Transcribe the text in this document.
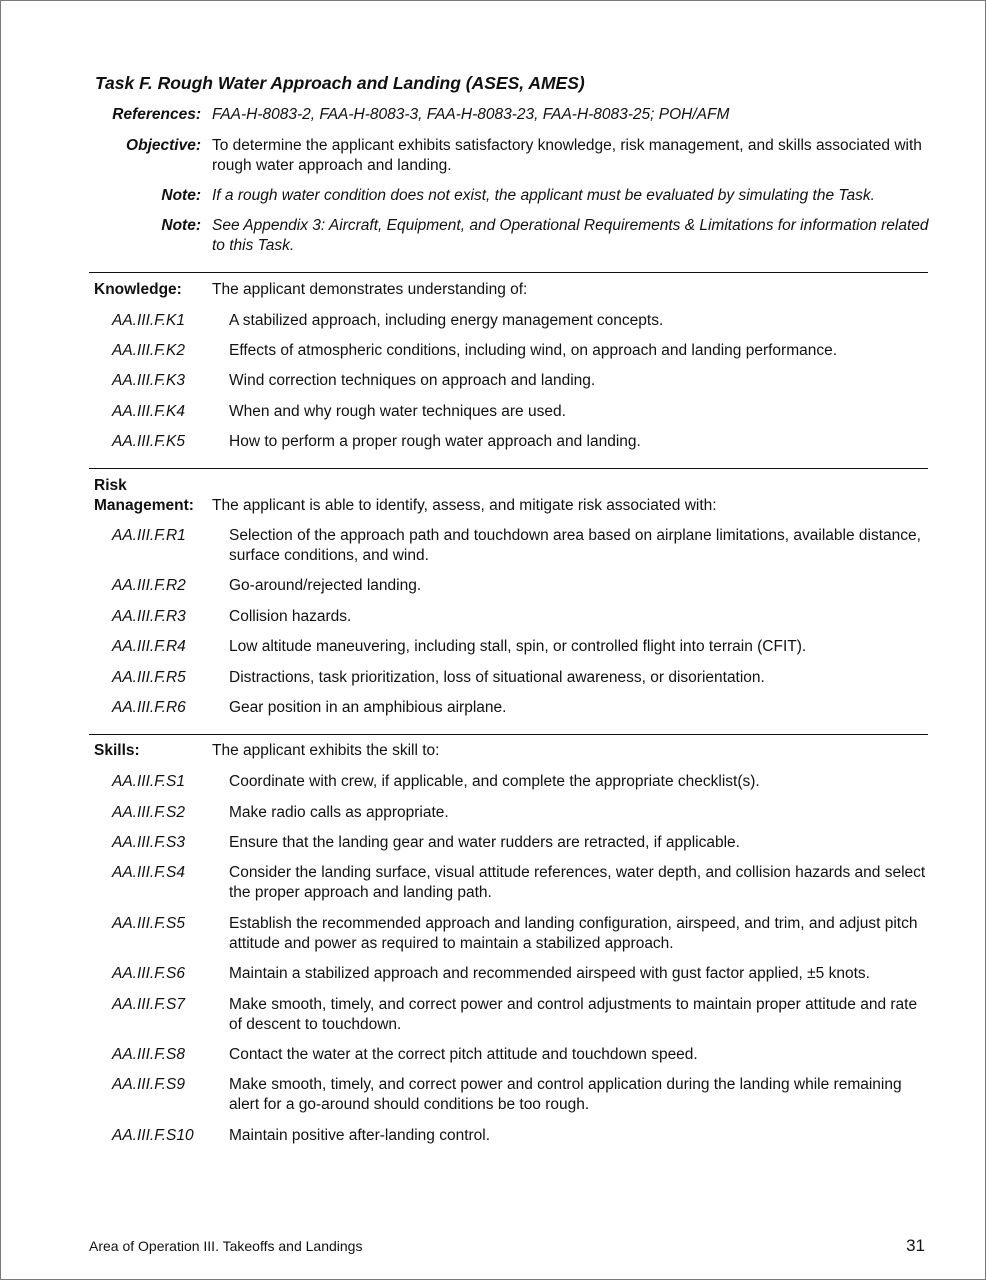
Task F. Rough Water Approach and Landing (ASES, AMES)
References: FAA-H-8083-2, FAA-H-8083-3, FAA-H-8083-23, FAA-H-8083-25; POH/AFM
Objective: To determine the applicant exhibits satisfactory knowledge, risk management, and skills associated with rough water approach and landing.
Note: If a rough water condition does not exist, the applicant must be evaluated by simulating the Task.
Note: See Appendix 3: Aircraft, Equipment, and Operational Requirements & Limitations for information related to this Task.
Knowledge: The applicant demonstrates understanding of:
AA.III.F.K1	A stabilized approach, including energy management concepts.
AA.III.F.K2	Effects of atmospheric conditions, including wind, on approach and landing performance.
AA.III.F.K3	Wind correction techniques on approach and landing.
AA.III.F.K4	When and why rough water techniques are used.
AA.III.F.K5	How to perform a proper rough water approach and landing.
Risk
Management: The applicant is able to identify, assess, and mitigate risk associated with:
AA.III.F.R1	Selection of the approach path and touchdown area based on airplane limitations, available distance, surface conditions, and wind.
AA.III.F.R2	Go-around/rejected landing.
AA.III.F.R3	Collision hazards.
AA.III.F.R4	Low altitude maneuvering, including stall, spin, or controlled flight into terrain (CFIT).
AA.III.F.R5	Distractions, task prioritization, loss of situational awareness, or disorientation.
AA.III.F.R6	Gear position in an amphibious airplane.
Skills:	The applicant exhibits the skill to:
AA.III.F.S1	Coordinate with crew, if applicable, and complete the appropriate checklist(s).
AA.III.F.S2	Make radio calls as appropriate.
AA.III.F.S3	Ensure that the landing gear and water rudders are retracted, if applicable.
AA.III.F.S4	Consider the landing surface, visual attitude references, water depth, and collision hazards and select the proper approach and landing path.
AA.III.F.S5	Establish the recommended approach and landing configuration, airspeed, and trim, and adjust pitch attitude and power as required to maintain a stabilized approach.
AA.III.F.S6	Maintain a stabilized approach and recommended airspeed with gust factor applied, ±5 knots.
AA.III.F.S7	Make smooth, timely, and correct power and control adjustments to maintain proper attitude and rate of descent to touchdown.
AA.III.F.S8	Contact the water at the correct pitch attitude and touchdown speed.
AA.III.F.S9	Make smooth, timely, and correct power and control application during the landing while remaining alert for a go-around should conditions be too rough.
AA.III.F.S10 Maintain positive after-landing control.
Area of Operation III. Takeoffs and Landings	31
